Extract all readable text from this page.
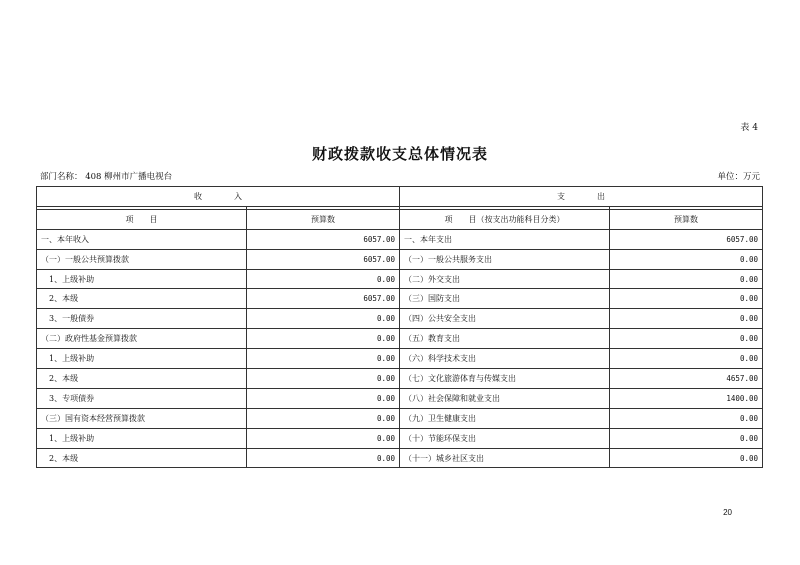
表 4
财政拨款收支总体情况表
部门名称： 408 柳州市广播电视台	单位：万元
收　　　　入		支　　　　出	

项　　目	预算数	项　　目（按支出功能科目分类）	预算数
一、本年收入	6057.00	一、本年支出	6057.00
（一）一般公共预算拨款	6057.00	（一）一般公共服务支出	0.00
　1、上级补助	0.00	（二）外交支出	0.00
　2、本级	6057.00	（三）国防支出	0.00
　3、一般债券	0.00	（四）公共安全支出	0.00
（二）政府性基金预算拨款	0.00	（五）教育支出	0.00
　1、上级补助	0.00	（六）科学技术支出	0.00
　2、本级	0.00	（七）文化旅游体育与传媒支出	4657.00
　3、专项债券	0.00	（八）社会保障和就业支出	1400.00
（三）国有资本经营预算拨款	0.00	（九）卫生健康支出	0.00
　1、上级补助	0.00	（十）节能环保支出	0.00
　2、本级	0.00	（十一）城乡社区支出	0.00
20
